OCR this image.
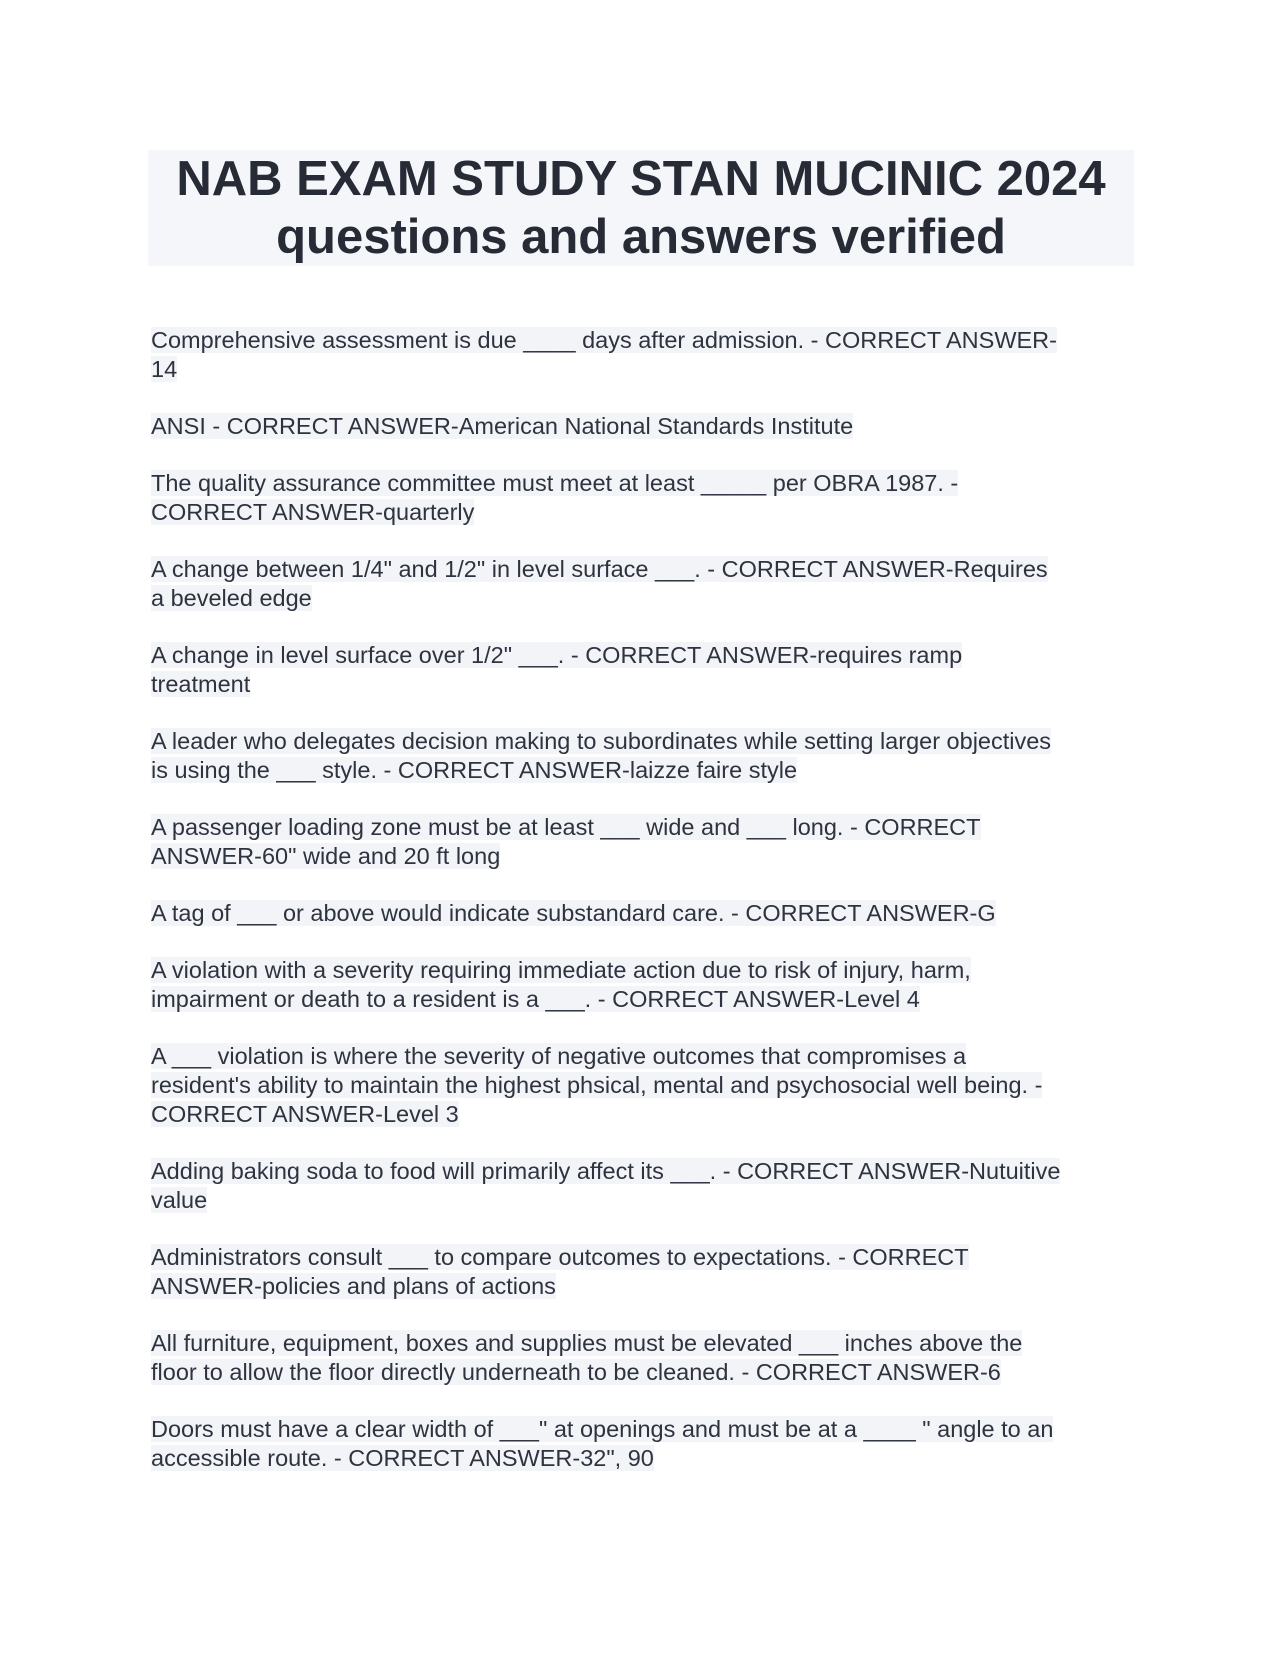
NAB EXAM STUDY STAN MUCINIC 2024
questions and answers verified
Comprehensive assessment is due ____ days after admission. - CORRECT ANSWER-
14
ANSI - CORRECT ANSWER-American National Standards Institute
The quality assurance committee must meet at least _____ per OBRA 1987. -
CORRECT ANSWER-quarterly
A change between 1/4" and 1/2" in level surface ___. - CORRECT ANSWER-Requires
a beveled edge
A change in level surface over 1/2" ___. - CORRECT ANSWER-requires ramp
treatment
A leader who delegates decision making to subordinates while setting larger objectives
is using the ___ style. - CORRECT ANSWER-laizze faire style
A passenger loading zone must be at least ___ wide and ___ long. - CORRECT
ANSWER-60" wide and 20 ft long
A tag of ___ or above would indicate substandard care. - CORRECT ANSWER-G
A violation with a severity requiring immediate action due to risk of injury, harm,
impairment or death to a resident is a ___. - CORRECT ANSWER-Level 4
A ___ violation is where the severity of negative outcomes that compromises a
resident's ability to maintain the highest phsical, mental and psychosocial well being. -
CORRECT ANSWER-Level 3
Adding baking soda to food will primarily affect its ___. - CORRECT ANSWER-Nutuitive
value
Administrators consult ___ to compare outcomes to expectations. - CORRECT
ANSWER-policies and plans of actions
All furniture, equipment, boxes and supplies must be elevated ___ inches above the
floor to allow the floor directly underneath to be cleaned. - CORRECT ANSWER-6
Doors must have a clear width of ___" at openings and must be at a ____ " angle to an
accessible route. - CORRECT ANSWER-32", 90
